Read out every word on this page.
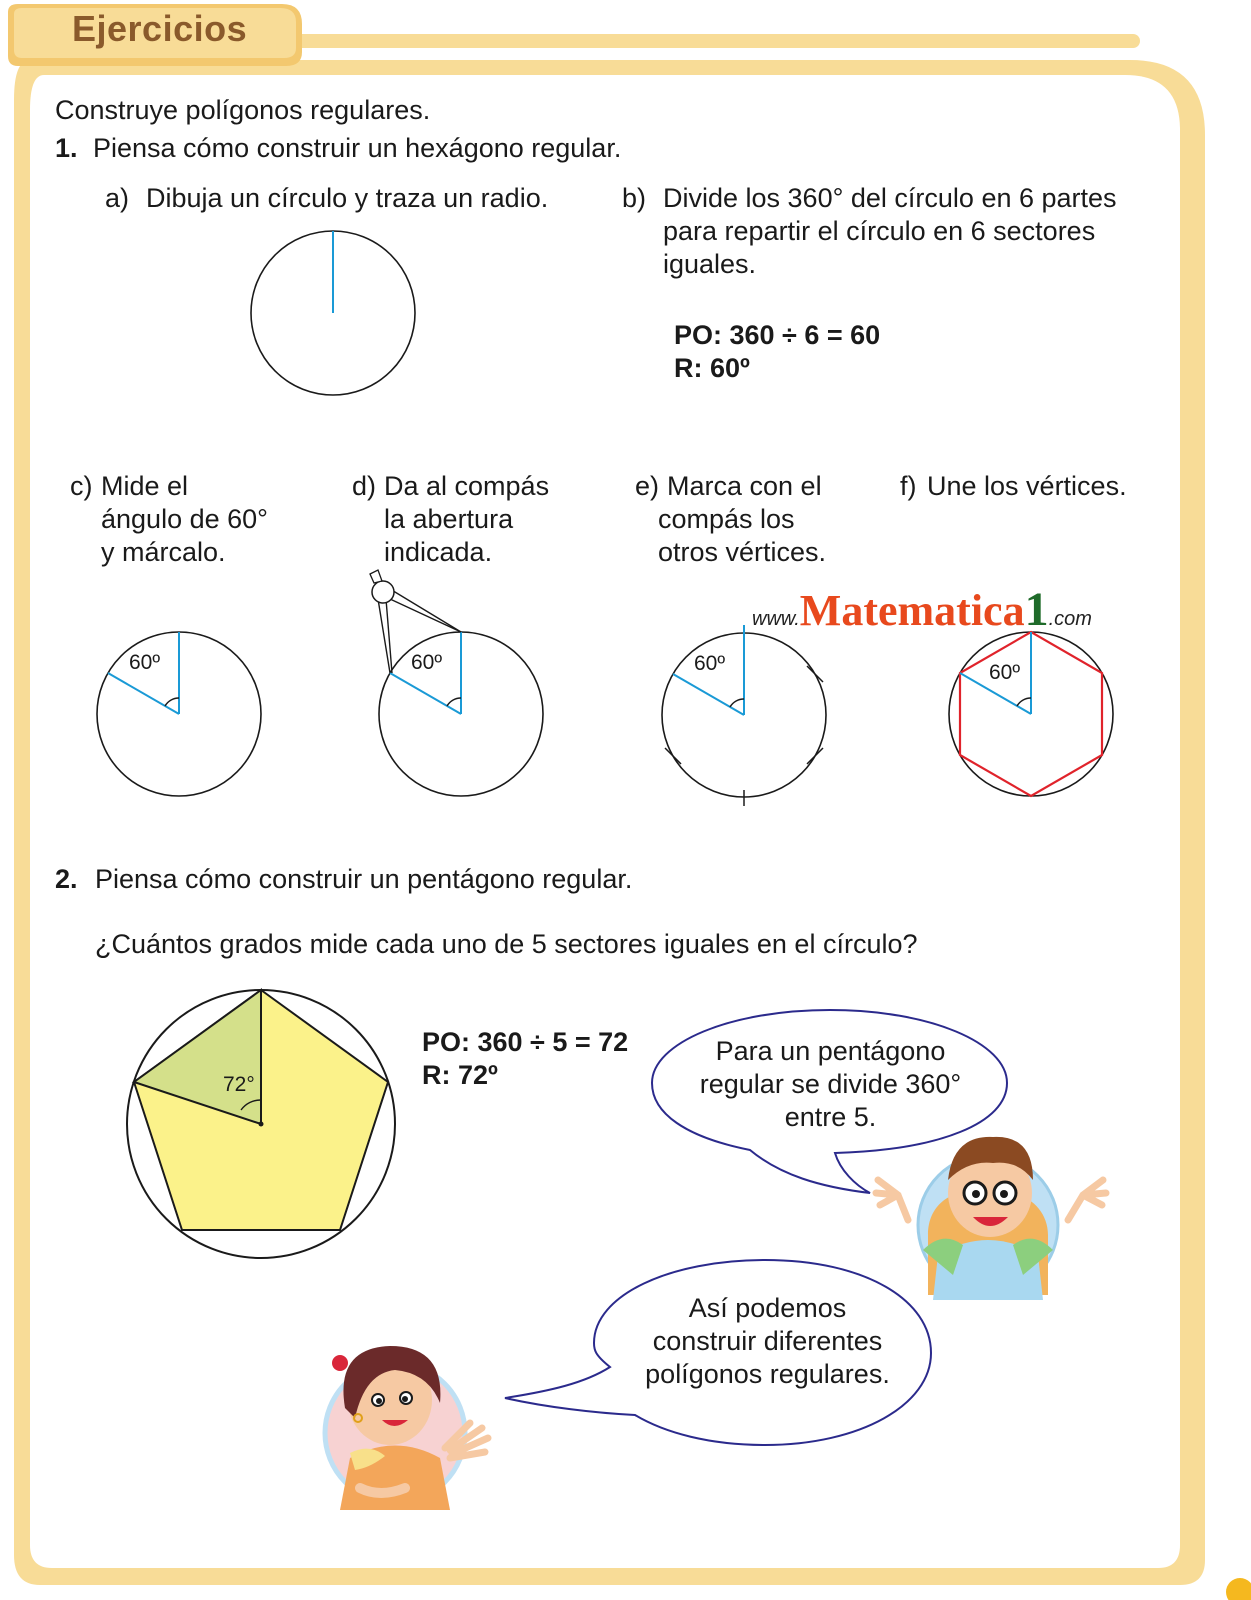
Ejercicios
Construye polígonos regulares.
1. Piensa cómo construir un hexágono regular.
a) Dibuja un círculo y traza un radio.	b) Divide los 360° del círculo en 6 partes
para repartir el círculo en 6 sectores
iguales.
PO: 360 ÷ 6 = 60
R: 60º
c) Mide el
ángulo de 60°
y márcalo.
d) Da al compás
la abertura
indicada.
e) Marca con el
compás los
otros vértices.
f) Une los vértices.
www.Matematica1.com
60º	60º	60º	60º
2. Piensa cómo construir un pentágono regular.
¿Cuántos grados mide cada uno de 5 sectores iguales en el círculo?
72°
PO: 360 ÷ 5 = 72
R: 72º
Para un pentágono
regular se divide 360°
entre 5.
Así podemos
construir diferentes
polígonos regulares.
